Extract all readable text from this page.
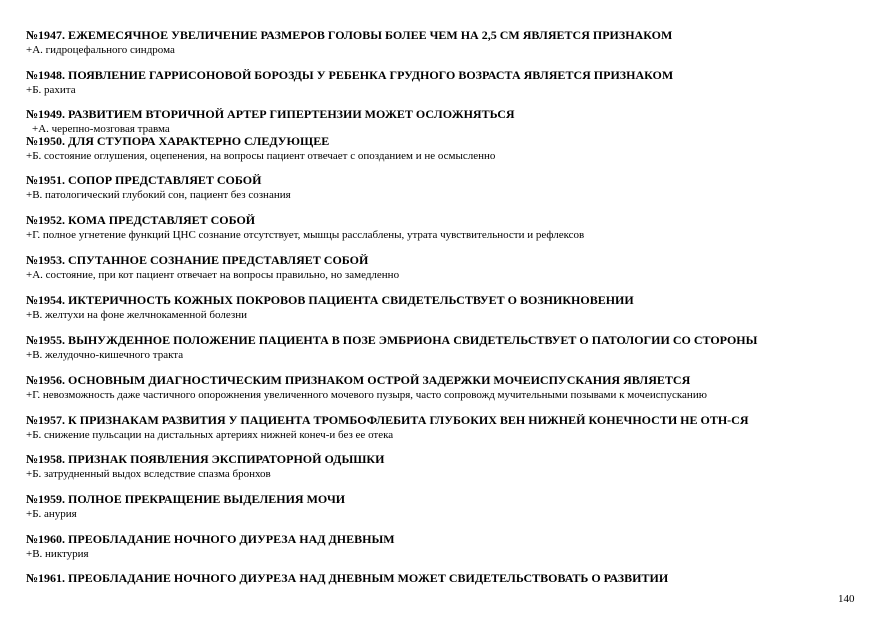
№1947. ЕЖЕМЕСЯЧНОЕ УВЕЛИЧЕНИЕ РАЗМЕРОВ ГОЛОВЫ БОЛЕЕ ЧЕМ НА 2,5 СМ ЯВЛЯЕТСЯ ПРИЗНАКОМ
+А. гидроцефального синдрома
№1948. ПОЯВЛЕНИЕ ГАРРИСОНОВОЙ БОРОЗДЫ У РЕБЕНКА ГРУДНОГО ВОЗРАСТА ЯВЛЯЕТСЯ ПРИЗНАКОМ
+Б. рахита
№1949. РАЗВИТИЕМ ВТОРИЧНОЙ АРТЕР ГИПЕРТЕНЗИИ МОЖЕТ ОСЛОЖНЯТЬСЯ
+А. черепно-мозговая травма
№1950. ДЛЯ СТУПОРА ХАРАКТЕРНО СЛЕДУЮЩЕЕ
+Б. состояние оглушения, оцепенения, на вопросы пациент отвечает с опозданием и не осмысленно
№1951. СОПОР ПРЕДСТАВЛЯЕТ СОБОЙ
+В. патологический глубокий сон, пациент без сознания
№1952. КОМА ПРЕДСТАВЛЯЕТ СОБОЙ
+Г. полное угнетение функций ЦНС сознание отсутствует, мышцы расслаблены, утрата чувствительности и рефлексов
№1953. СПУТАННОЕ СОЗНАНИЕ ПРЕДСТАВЛЯЕТ СОБОЙ
+А. состояние, при кот пациент отвечает на вопросы правильно, но замедленно
№1954. ИКТЕРИЧНОСТЬ КОЖНЫХ ПОКРОВОВ ПАЦИЕНТА СВИДЕТЕЛЬСТВУЕТ О ВОЗНИКНОВЕНИИ
+В. желтухи на фоне желчнокаменной болезни
№1955. ВЫНУЖДЕННОЕ ПОЛОЖЕНИЕ ПАЦИЕНТА В ПОЗЕ ЭМБРИОНА СВИДЕТЕЛЬСТВУЕТ О ПАТОЛОГИИ СО СТОРОНЫ
+В. желудочно-кишечного тракта
№1956. ОСНОВНЫМ ДИАГНОСТИЧЕСКИМ ПРИЗНАКОМ ОСТРОЙ ЗАДЕРЖКИ МОЧЕИСПУСКАНИЯ ЯВЛЯЕТСЯ
+Г. невозможность даже частичного опорожнения увеличенного мочевого пузыря, часто сопровожд мучительными позывами к мочеиспусканию
№1957. К ПРИЗНАКАМ РАЗВИТИЯ У ПАЦИЕНТА ТРОМБОФЛЕБИТА ГЛУБОКИХ ВЕН НИЖНЕЙ КОНЕЧНОСТИ НЕ ОТН-СЯ
+Б. снижение пульсации на дистальных артериях нижней конеч-и без ее отека
№1958. ПРИЗНАК ПОЯВЛЕНИЯ ЭКСПИРАТОРНОЙ ОДЫШКИ
+Б. затрудненный выдох вследствие спазма бронхов
№1959. ПОЛНОЕ ПРЕКРАЩЕНИЕ ВЫДЕЛЕНИЯ МОЧИ
+Б. анурия
№1960. ПРЕОБЛАДАНИЕ НОЧНОГО ДИУРЕЗА НАД ДНЕВНЫМ
+В. никтурия
№1961. ПРЕОБЛАДАНИЕ НОЧНОГО ДИУРЕЗА НАД ДНЕВНЫМ МОЖЕТ СВИДЕТЕЛЬСТВОВАТЬ О РАЗВИТИИ
140
